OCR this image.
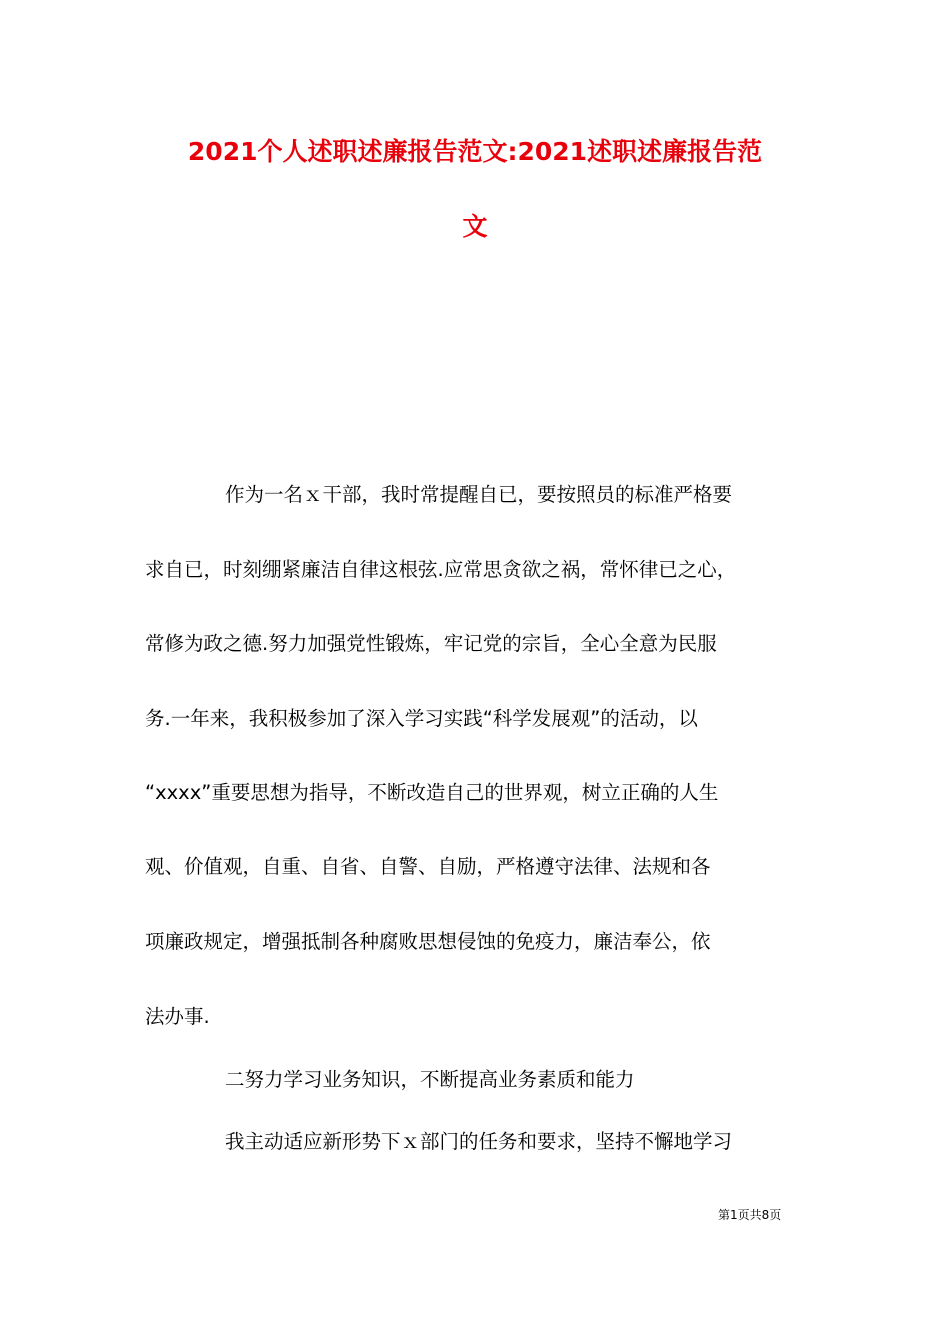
2021个人述职述廉报告范文:2021述职述廉报告范
文
作为一名ｘ干部，我时常提醒自已，要按照员的标准严格要
求自已，时刻绷紧廉洁自律这根弦.应常思贪欲之祸，常怀律已之心，
常修为政之德.努力加强党性锻炼，牢记党的宗旨，全心全意为民服
务.一年来，我积极参加了深入学习实践“科学发展观”的活动，以
“xxxx”重要思想为指导，不断改造自己的世界观，树立正确的人生
观、价值观，自重、自省、自警、自励，严格遵守法律、法规和各
项廉政规定，增强抵制各种腐败思想侵蚀的免疫力，廉洁奉公，依
法办事.
二努力学习业务知识，不断提高业务素质和能力
我主动适应新形势下ｘ部门的任务和要求，坚持不懈地学习
第1页共8页
